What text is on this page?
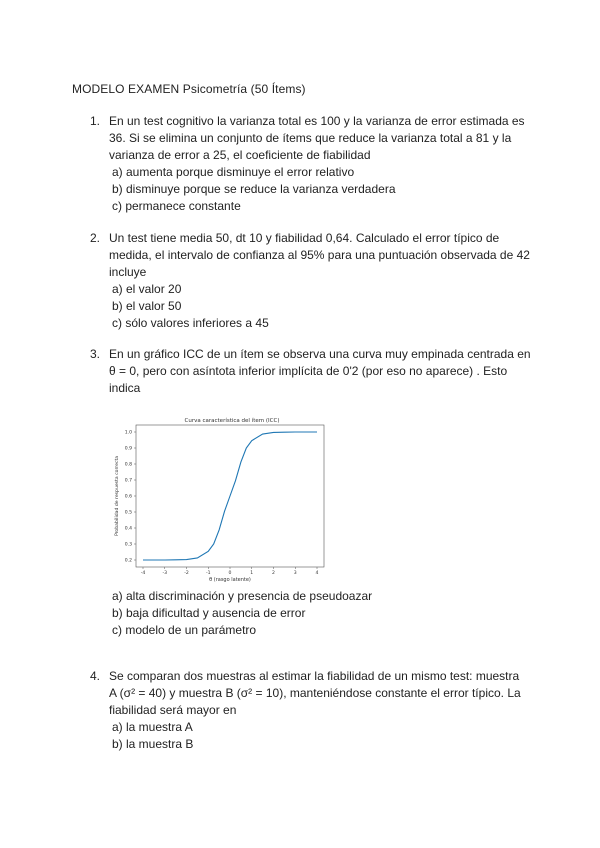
MODELO EXAMEN Psicometría (50 Ítems)
1. En un test cognitivo la varianza total es 100 y la varianza de error estimada es
36. Si se elimina un conjunto de ítems que reduce la varianza total a 81 y la
varianza de error a 25, el coeficiente de fiabilidad
a) aumenta porque disminuye el error relativo
b) disminuye porque se reduce la varianza verdadera
c) permanece constante
2. Un test tiene media 50, dt 10 y fiabilidad 0,64. Calculado el error típico de
medida, el intervalo de confianza al 95% para una puntuación observada de 42
incluye
a) el valor 20
b) el valor 50
c) sólo valores inferiores a 45
3. En un gráfico ICC de un ítem se observa una curva muy empinada centrada en
θ = 0, pero con asíntota inferior implícita de 0'2 (por eso no aparece) . Esto
indica
Curva característica del ítem (ICC)
0.2
0.3
0.4
0.5
0.6
0.7
0.8
0.9
1.0
-4	-3	-2	-1	0	1	2	3	4
θ (rasgo latente)
Probabilidad de respuesta correcta
a) alta discriminación y presencia de pseudoazar
b) baja dificultad y ausencia de error
c) modelo de un parámetro
4. Se comparan dos muestras al estimar la fiabilidad de un mismo test: muestra
A (σ² = 40) y muestra B (σ² = 10), manteniéndose constante el error típico. La
fiabilidad será mayor en
a) la muestra A
b) la muestra B
